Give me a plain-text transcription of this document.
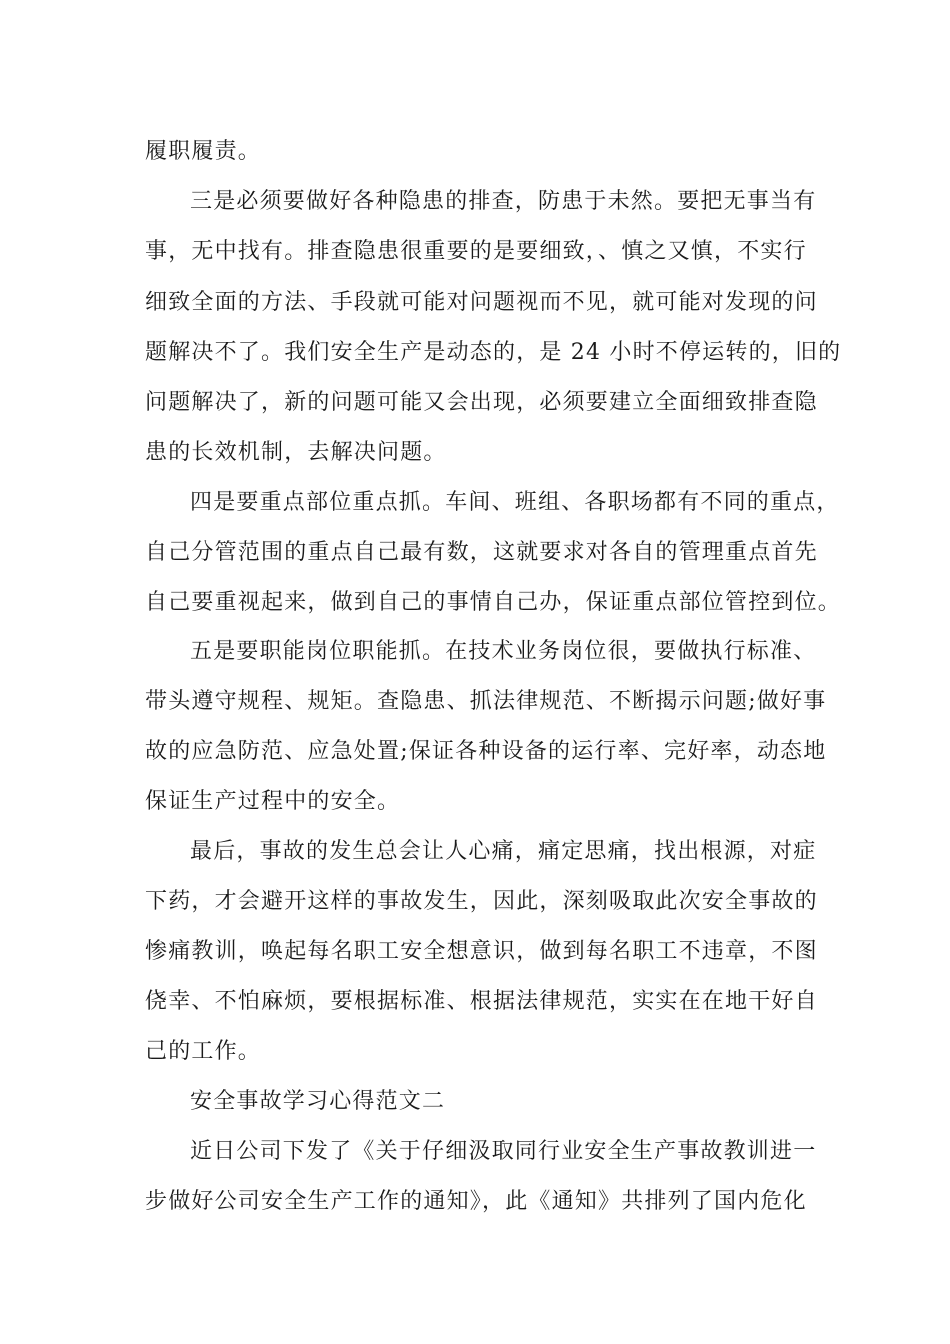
履职履责。
三是必须要做好各种隐患的排查，防患于未然。要把无事当有
事，无中找有。排查隐患很重要的是要细致，、慎之又慎，不实行
细致全面的方法、手段就可能对问题视而不见，就可能对发现的问
题解决不了。我们安全生产是动态的，是 24 小时不停运转的，旧的
问题解决了，新的问题可能又会出现，必须要建立全面细致排查隐
患的长效机制，去解决问题。
四是要重点部位重点抓。车间、班组、各职场都有不同的重点，
自己分管范围的重点自己最有数，这就要求对各自的管理重点首先
自己要重视起来，做到自己的事情自己办，保证重点部位管控到位。
五是要职能岗位职能抓。在技术业务岗位很，要做执行标准、
带头遵守规程、规矩。查隐患、抓法律规范、不断揭示问题;做好事
故的应急防范、应急处置;保证各种设备的运行率、完好率，动态地
保证生产过程中的安全。
最后，事故的发生总会让人心痛，痛定思痛，找出根源，对症
下药，才会避开这样的事故发生，因此，深刻吸取此次安全事故的
惨痛教训，唤起每名职工安全想意识，做到每名职工不违章，不图
侥幸、不怕麻烦，要根据标准、根据法律规范，实实在在地干好自
己的工作。
安全事故学习心得范文二
近日公司下发了《关于仔细汲取同行业安全生产事故教训进一
步做好公司安全生产工作的通知》，此《通知》共排列了国内危化
